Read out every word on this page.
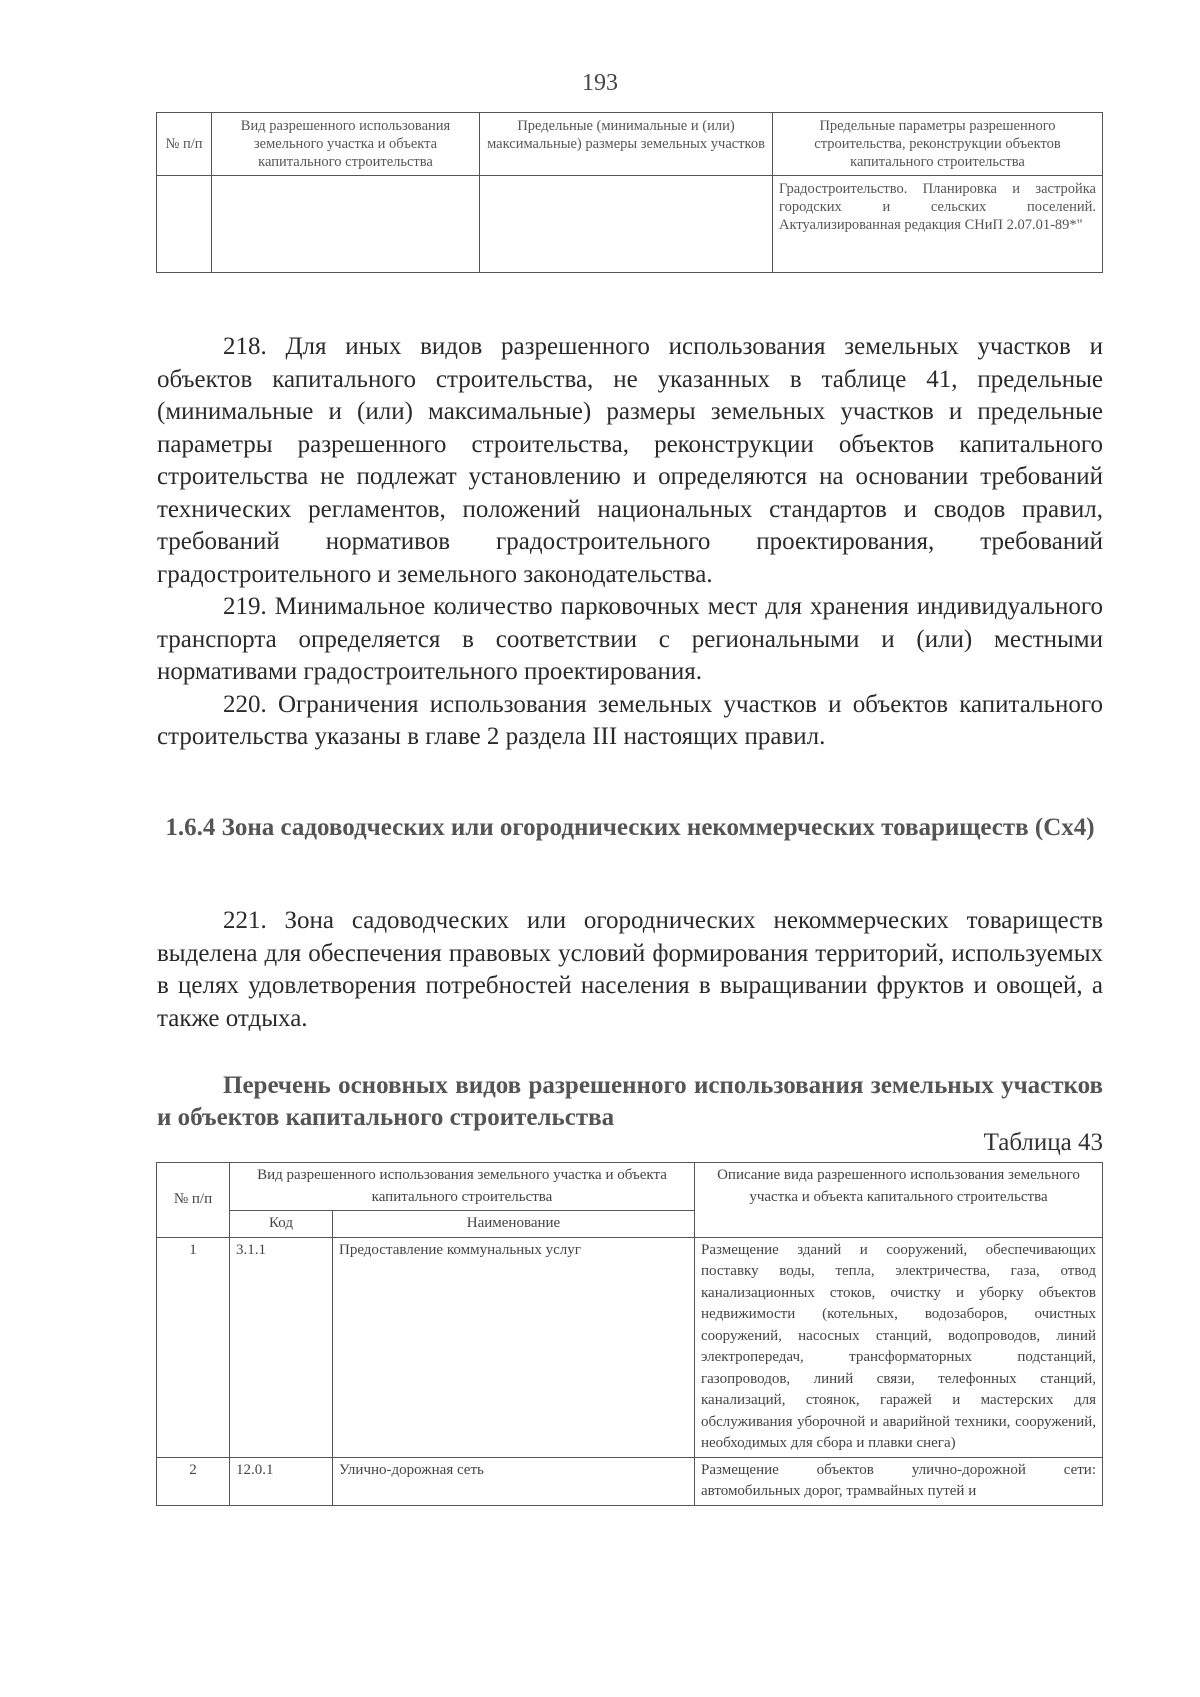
193
№ п/п	Вид разрешенного использования земельного участка и объекта капитального строительства	Предельные (минимальные и (или) максимальные) размеры земельных участков	Предельные параметры разрешенного строительства, реконструкции объектов капитального строительства
			Градостроительство. Планировка и застройка городских и сельских поселений. Актуализированная редакция СНиП 2.07.01-89*"

218. Для иных видов разрешенного использования земельных участков и объектов капитального строительства, не указанных в таблице 41, предельные (минимальные и (или) максимальные) размеры земельных участков и предельные параметры разрешенного строительства, реконструкции объектов капитального строительства не подлежат установлению и определяются на основании требований технических регламентов, положений национальных стандартов и сводов правил, требований нормативов градостроительного проектирования, требований градостроительного и земельного законодательства.

219. Минимальное количество парковочных мест для хранения индивидуального транспорта определяется в соответствии с региональными и (или) местными нормативами градостроительного проектирования.

220. Ограничения использования земельных участков и объектов капитального строительства указаны в главе 2 раздела III настоящих правил.

1.6.4 Зона садоводческих или огороднических некоммерческих товариществ (Сх4)

221. Зона садоводческих или огороднических некоммерческих товариществ выделена для обеспечения правовых условий формирования территорий, используемых в целях удовлетворения потребностей населения в выращивании фруктов и овощей, а также отдыха.

Перечень основных видов разрешенного использования земельных участков и объектов капитального строительства
Таблица 43
№ п/п	Вид разрешенного использования земельного участка и объекта капитального строительства		Описание вида разрешенного использования земельного участка и объекта капитального строительства
	Код	Наименование	
1	3.1.1	Предоставление коммунальных услуг	Размещение зданий и сооружений, обеспечивающих поставку воды, тепла, электричества, газа, отвод канализационных стоков, очистку и уборку объектов недвижимости (котельных, водозаборов, очистных сооружений, насосных станций, водопроводов, линий электропередач, трансформаторных подстанций, газопроводов, линий связи, телефонных станций, канализаций, стоянок, гаражей и мастерских для обслуживания уборочной и аварийной техники, сооружений, необходимых для сбора и плавки снега)
2	12.0.1	Улично-дорожная сеть	Размещение объектов улично-дорожной сети: автомобильных дорог, трамвайных путей и
